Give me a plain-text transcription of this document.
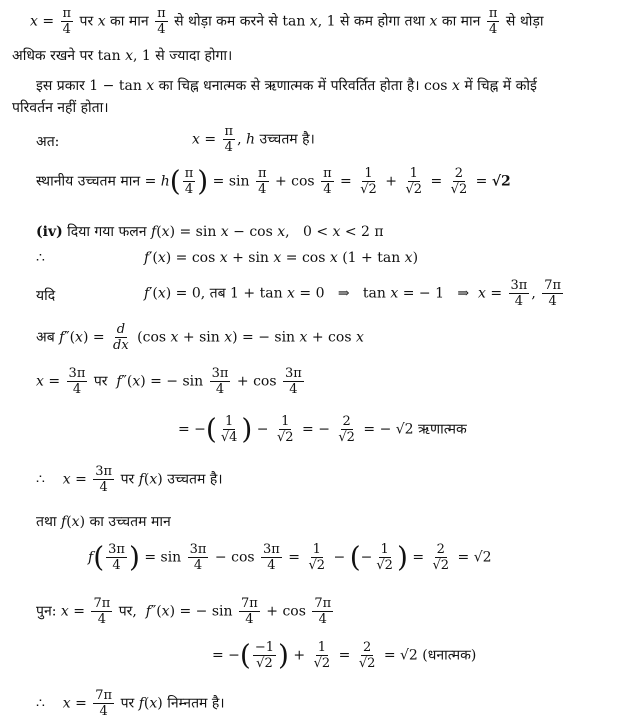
$x = \frac{\pi}{4}$ पर x का मान $\frac{\pi}{4}$ से थोड़ा कम करने से tan x, 1 से कम होगा तथा x का मान $\frac{\pi}{4}$ से थोड़ा
अधिक रखने पर tan x, 1 से ज्यादा होगा।
इस प्रकार 1 − tan x का चिह्न धनात्मक से ऋणात्मक में परिवर्तित होता है। cos x में चिह्न में कोई
परिवर्तन नहीं होता।
अत:	$x = \frac{\pi}{4}$ , h उच्चतम है।
स्थानीय उच्चतम मान = $h( \frac{\pi}{4}$ ) = $\sin \frac{\pi}{4} + \cos \frac{\pi}{4} = \frac{1}{√2} + \frac{1}{√2} = \frac{2}{√2} = √2$
(iv) दिया गया फलन f(x) = sin x − cos x,   0 < x < 2 π
∴	f′(x) = cos x + sin x = cos x (1 + tan x)
यदि	f′(x) = 0, तब 1 + tan x = 0   ⇒   tan x = − 1   ⇒  $x = \frac{3\pi}{4}$ , $\frac{7\pi}{4}$
अब $f''(x) = \frac{d}{dx} (\cos$ x + sin x) = − sin x + cos x
$x = \frac{3\pi}{4}$ पर f″(x) = − $\sin \frac{3\pi}{4} + \cos \frac{3\pi}{4}$
= −( $\frac{1}{√4}$ ) − $\frac{1}{√2}$ = − $\frac{2}{√2}$ = − √2 ऋणात्मक
∴ $x = \frac{3\pi}{4}$ पर f(x) उच्चतम है।
तथा f(x) का उच्चतम मान
$f( \frac{3\pi}{4}$ ) = $\sin \frac{3\pi}{4} - \cos \frac{3\pi}{4} = \frac{1}{√2}$ − (− $\frac{1}{√2}$ ) = $\frac{2}{√2} = √2$
पुन: $x = \frac{7\pi}{4}$ पर, f″(x) = − $\sin \frac{7\pi}{4} + \cos \frac{7\pi}{4}$
= −( $\frac{-1}{√2}$ ) + $\frac{1}{√2} = \frac{2}{√2} = √2$ (धनात्मक)
∴ $x = \frac{7\pi}{4}$ पर f(x) निम्नतम है।
